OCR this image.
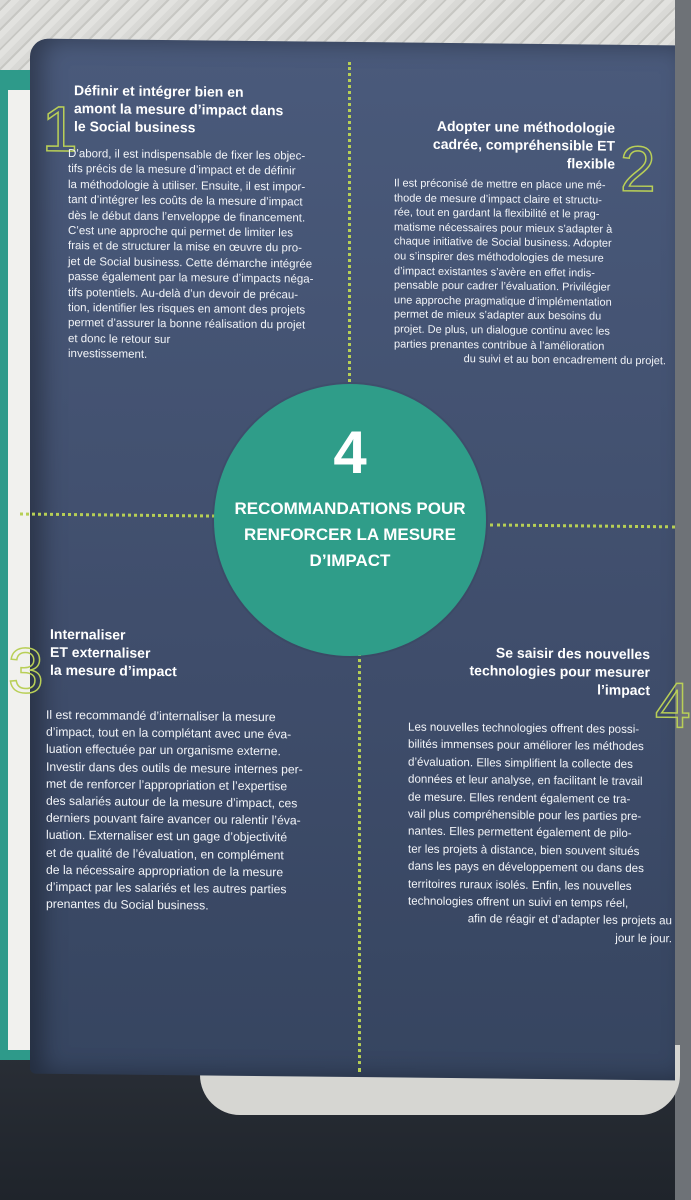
1
Définir et intégrer bien en
amont la mesure d’impact dans
le Social business
D’abord, il est indispensable de fixer les objec-
tifs précis de la mesure d’impact et de définir
la méthodologie à utiliser. Ensuite, il est impor-
tant d’intégrer les coûts de la mesure d’impact
dès le début dans l’enveloppe de financement.
C’est une approche qui permet de limiter les
frais et de structurer la mise en œuvre du pro-
jet de Social business. Cette démarche intégrée
passe également par la mesure d’impacts néga-
tifs potentiels. Au-delà d’un devoir de précau-
tion, identifier les risques en amont des projets
permet d’assurer la bonne réalisation du projet
et donc le retour sur
investissement.
2
Adopter une méthodologie
cadrée, compréhensible ET
flexible
Il est préconisé de mettre en place une mé-
thode de mesure d’impact claire et structu-
rée, tout en gardant la flexibilité et le prag-
matisme nécessaires pour mieux s’adapter à
chaque initiative de Social business. Adopter
ou s’inspirer des méthodologies de mesure
d’impact existantes s’avère en effet indis-
pensable pour cadrer l’évaluation. Privilégier
une approche pragmatique d’implémentation
permet de mieux s’adapter aux besoins du
projet. De plus, un dialogue continu avec les
parties prenantes contribue à l’amélioration
du suivi et au bon encadrement du projet.
3
Internaliser
ET externaliser
la mesure d’impact
Il est recommandé d’internaliser la mesure
d’impact, tout en la complétant avec une éva-
luation effectuée par un organisme externe.
Investir dans des outils de mesure internes per-
met de renforcer l’appropriation et l’expertise
des salariés autour de la mesure d’impact, ces
derniers pouvant faire avancer ou ralentir l’éva-
luation. Externaliser est un gage d’objectivité
et de qualité de l’évaluation, en complément
de la nécessaire appropriation de la mesure
d’impact par les salariés et les autres parties
prenantes du Social business.
4
Se saisir des nouvelles
technologies pour mesurer
l’impact
Les nouvelles technologies offrent des possi-
bilités immenses pour améliorer les méthodes
d’évaluation. Elles simplifient la collecte des
données et leur analyse, en facilitant le travail
de mesure. Elles rendent également ce tra-
vail plus compréhensible pour les parties pre-
nantes. Elles permettent également de pilo-
ter les projets à distance, bien souvent situés
dans les pays en développement ou dans des
territoires ruraux isolés. Enfin, les nouvelles
technologies offrent un suivi en temps réel,
afin de réagir et d’adapter les projets au
jour le jour.
4
RECOMMANDATIONS POUR
RENFORCER LA MESURE
D’IMPACT
